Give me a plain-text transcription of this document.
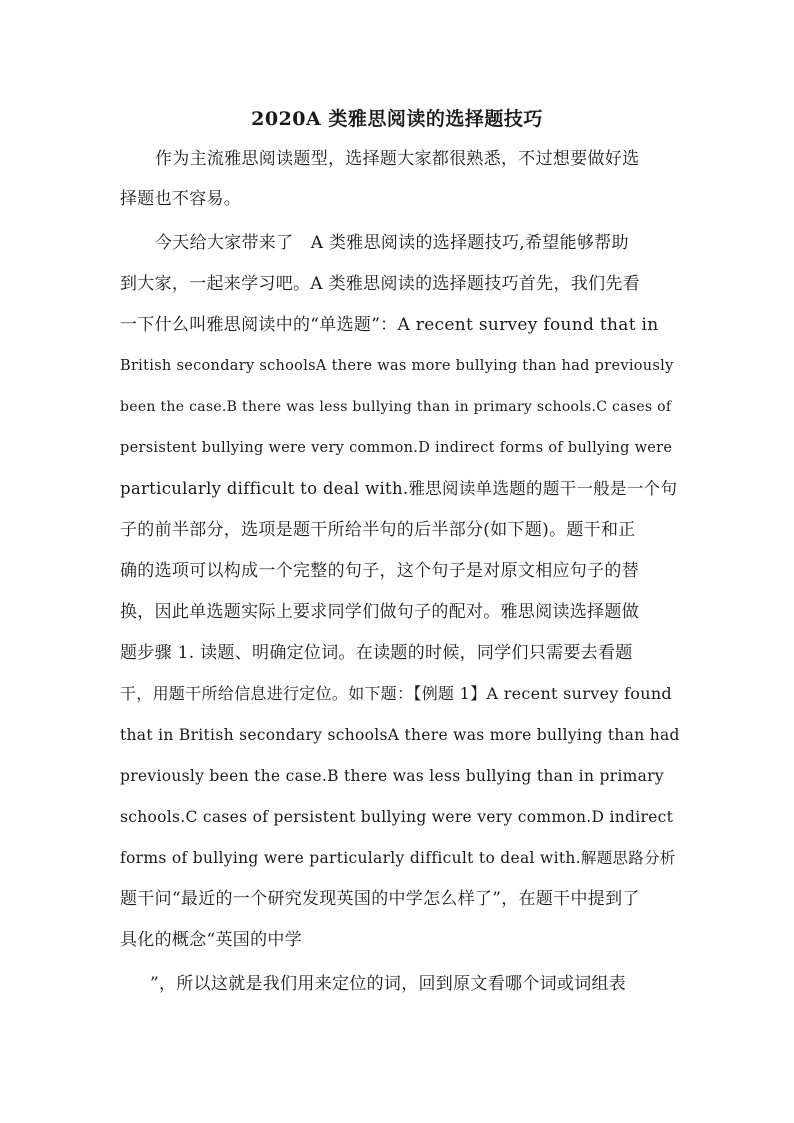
2020A 类雅思阅读的选择题技巧
作为主流雅思阅读题型，选择题大家都很熟悉，不过想要做好选
择题也不容易。
今天给大家带来了　A 类雅思阅读的选择题技巧,希望能够帮助
到大家，一起来学习吧。A 类雅思阅读的选择题技巧首先，我们先看
一下什么叫雅思阅读中的“单选题”：A recent survey found that in
British secondary schoolsA there was more bullying than had previously
been the case.B there was less bullying than in primary schools.C cases of
persistent bullying were very common.D indirect forms of bullying were
particularly difficult to deal with.雅思阅读单选题的题干一般是一个句
子的前半部分，选项是题干所给半句的后半部分(如下题)。题干和正
确的选项可以构成一个完整的句子，这个句子是对原文相应句子的替
换，因此单选题实际上要求同学们做句子的配对。雅思阅读选择题做
题步骤 1. 读题、明确定位词。在读题的时候，同学们只需要去看题
干，用题干所给信息进行定位。如下题：【例题 1】A recent survey found
that in British secondary schoolsA there was more bullying than had
previously been the case.B there was less bullying than in primary
schools.C cases of persistent bullying were very common.D indirect
forms of bullying were particularly difficult to deal with.解题思路分析
题干问“最近的一个研究发现英国的中学怎么样了”，在题干中提到了
具化的概念“英国的中学
”，所以这就是我们用来定位的词，回到原文看哪个词或词组表
